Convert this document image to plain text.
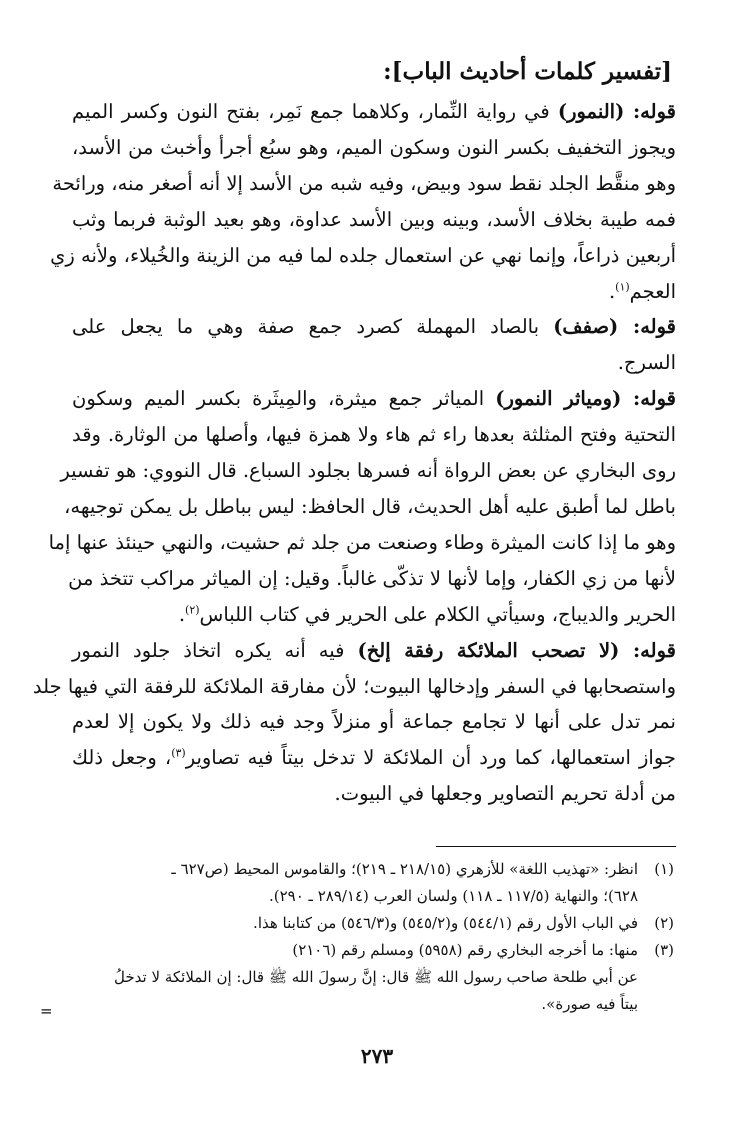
[تفسير كلمات أحاديث الباب]:

قوله: (النمور) في رواية النِّمار، وكلاهما جمع نَمِر، بفتح النون وكسر الميم
ويجوز التخفيف بكسر النون وسكون الميم، وهو سبُع أجرأ وأخبث من الأسد،
وهو منقَّط الجلد نقط سود وبيض، وفيه شبه من الأسد إلا أنه أصغر منه، ورائحة
فمه طيبة بخلاف الأسد، وبينه وبين الأسد عداوة، وهو بعيد الوثبة فربما وثب
أربعين ذراعاً، وإنما نهي عن استعمال جلده لما فيه من الزينة والخُيلاء، ولأنه زي
العجم$^{(١)}$.

قوله: (صفف) بالصاد المهملة كصرد جمع صفة وهي ما يجعل على
السرج.

قوله: (ومياثر النمور) المياثر جمع ميثرة، والمِيثَرة بكسر الميم وسكون
التحتية وفتح المثلثة بعدها راء ثم هاء ولا همزة فيها، وأصلها من الوثارة. وقد
روى البخاري عن بعض الرواة أنه فسرها بجلود السباع. قال النووي: هو تفسير
باطل لما أطبق عليه أهل الحديث، قال الحافظ: ليس بباطل بل يمكن توجيهه،
وهو ما إذا كانت الميثرة وطاء وصنعت من جلد ثم حشيت، والنهي حينئذ عنها إما
لأنها من زي الكفار، وإما لأنها لا تذكّى غالباً. وقيل: إن المياثر مراكب تتخذ من
الحرير والديباج، وسيأتي الكلام على الحرير في كتاب اللباس$^{(٢)}$.

قوله: (لا تصحب الملائكة رفقة إلخ) فيه أنه يكره اتخاذ جلود النمور
واستصحابها في السفر وإدخالها البيوت؛ لأن مفارقة الملائكة للرفقة التي فيها جلد
نمر تدل على أنها لا تجامع جماعة أو منزلاً وجد فيه ذلك ولا يكون إلا لعدم
جواز استعمالها، كما ورد أن الملائكة لا تدخل بيتاً فيه تصاوير$^{(٣)}$، وجعل ذلك
من أدلة تحريم التصاوير وجعلها في البيوت.

(١)
انظر: «تهذيب اللغة» للأزهري (٢١٨/١٥ ـ ٢١٩)؛ والقاموس المحيط (ص٦٢٧ ـ
٦٢٨)؛ والنهاية (١١٧/٥ ـ ١١٨) ولسان العرب (٢٨٩/١٤ ـ ٢٩٠).

(٢)
في الباب الأول رقم (٥٤٤/١) و(٥٤٥/٢) و(٥٤٦/٣) من كتابنا هذا.

(٣)
منها: ما أخرجه البخاري رقم (٥٩٥٨) ومسلم رقم (٢١٠٦)

عن أبي طلحة صاحب رسول الله ﷺ قال: إنَّ رسولَ الله ﷺ قال: إن الملائكة لا تدخلُ
بيتاً فيه صورة».
=
٢٧٣
